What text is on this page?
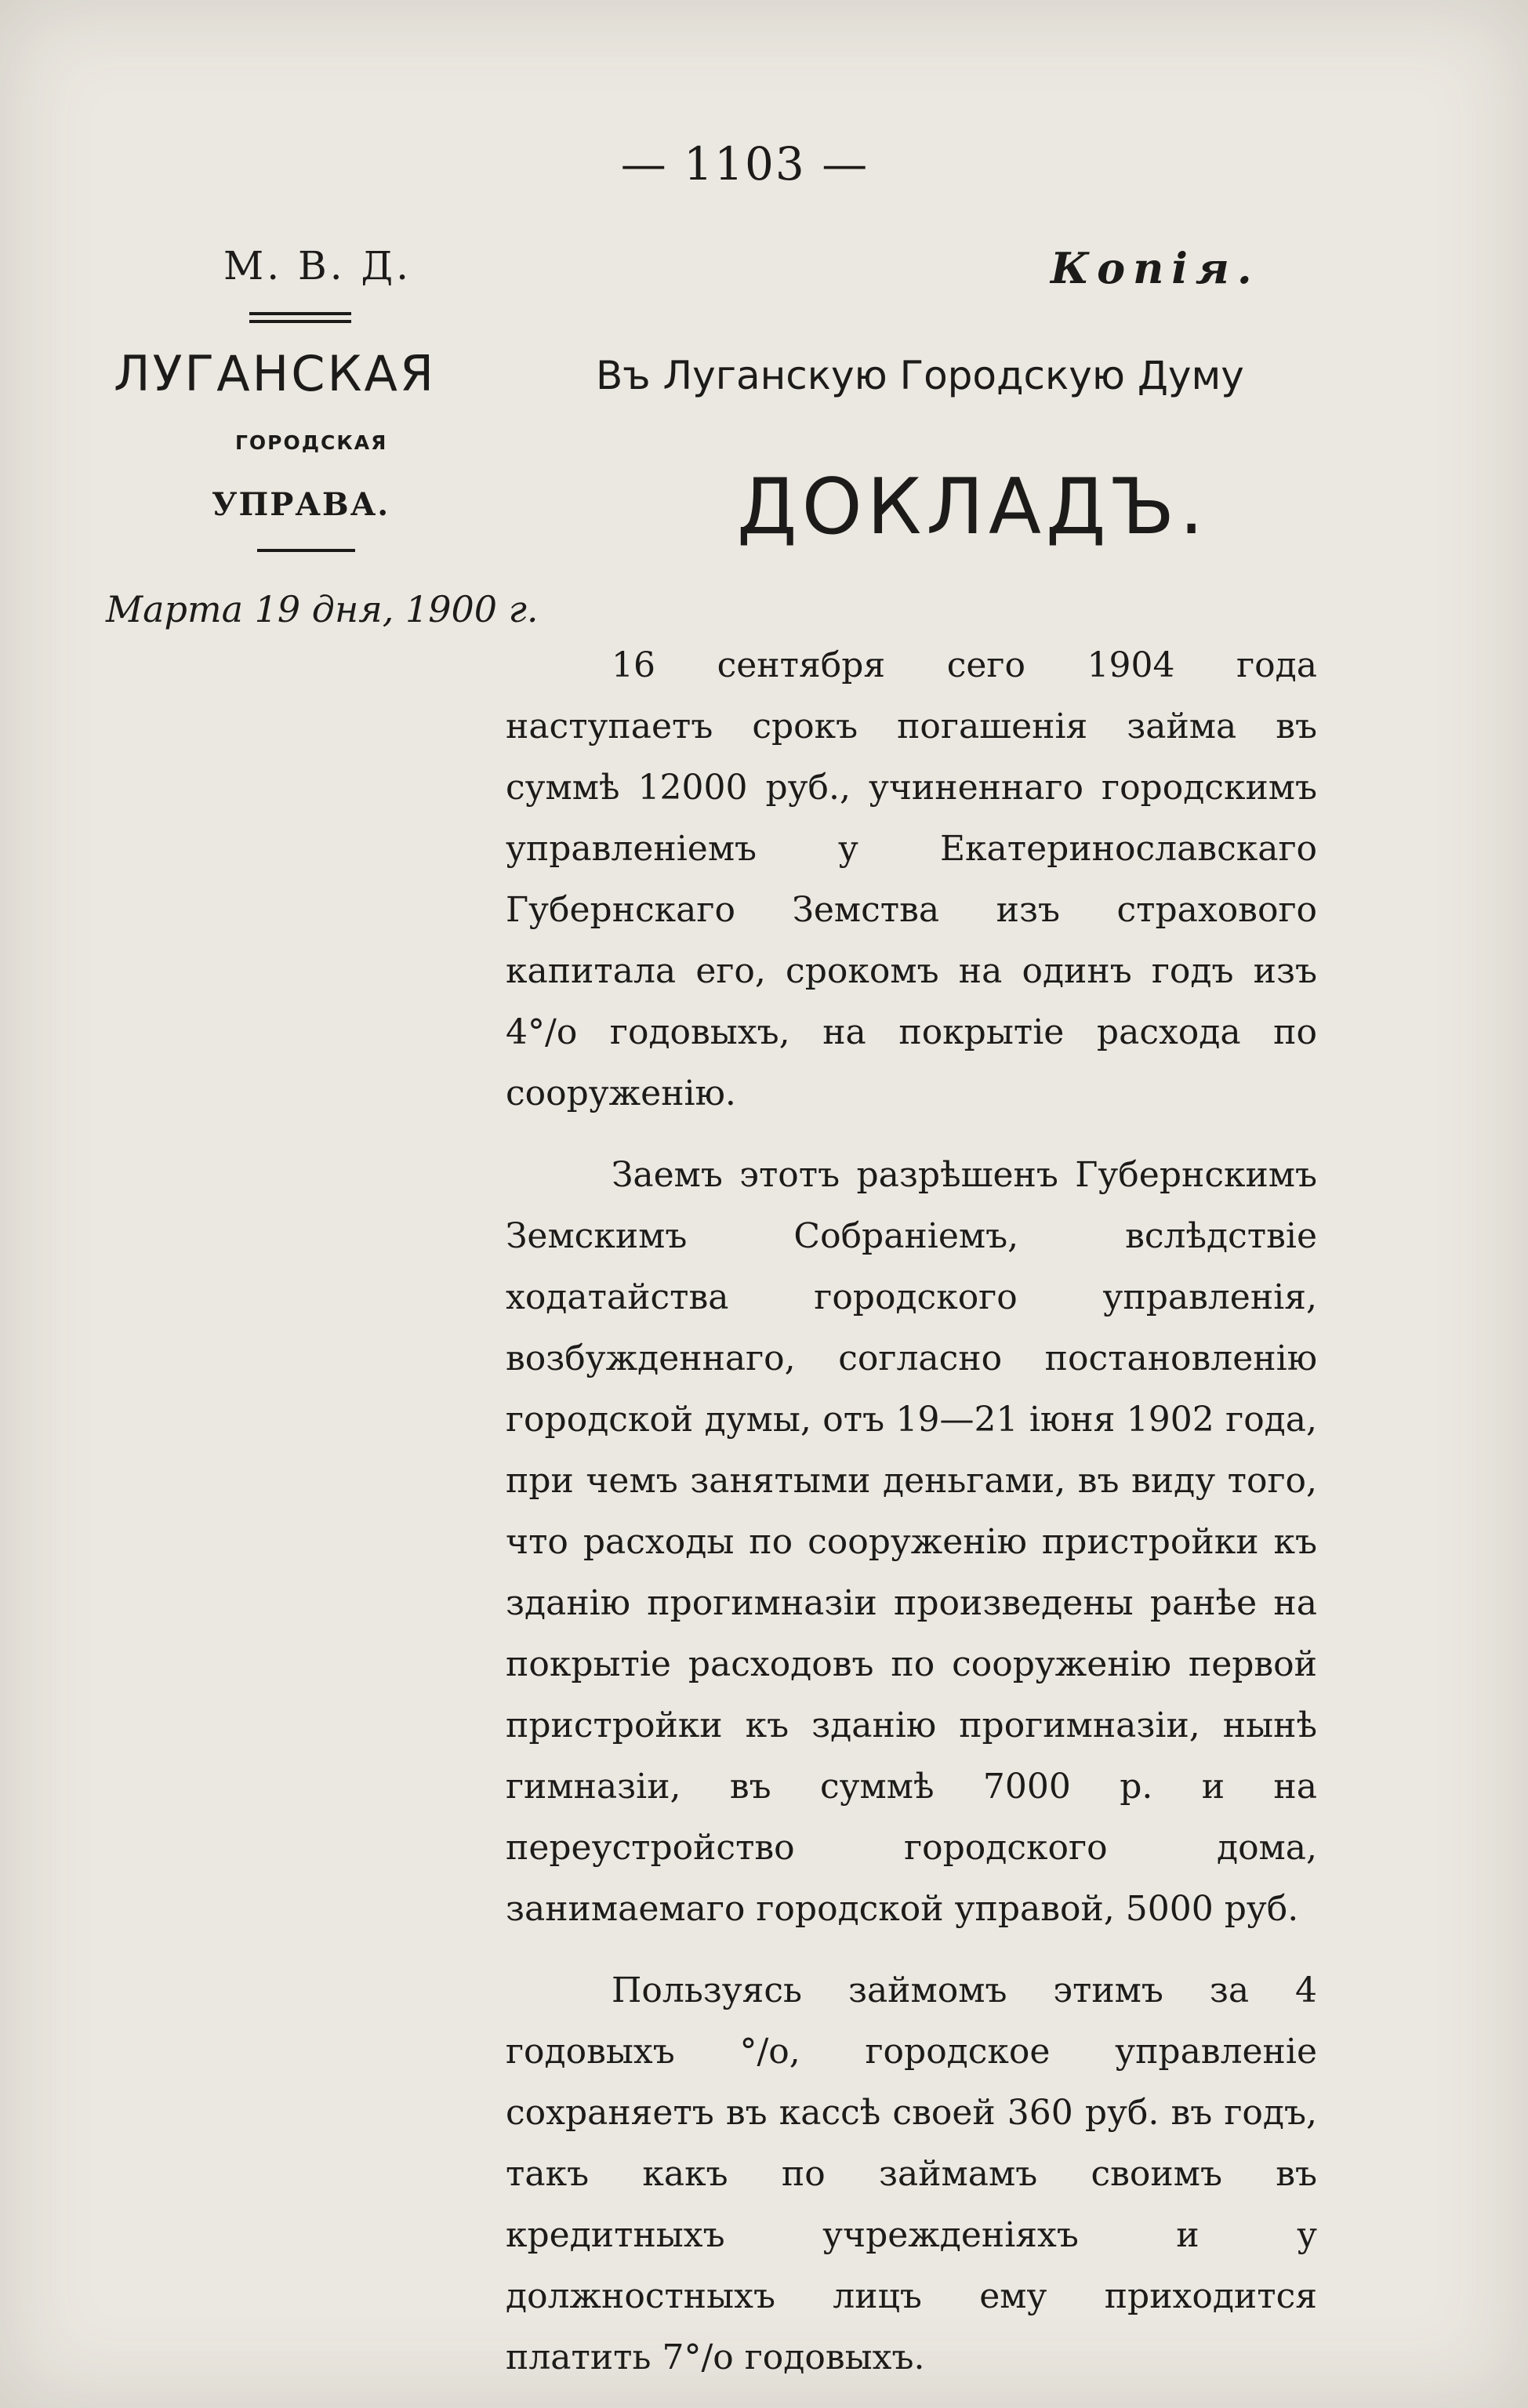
— 1103 —
М. В. Д.
ЛУГАНСКАЯ
ГОРОДСКАЯ
УПРАВА.
Марта 19 дня, 1900 г.
Копія.
Въ Луганскую Городскую Думу
ДОКЛАДЪ.

16 сентября сего 1904 года наступаетъ срокъ погашенія займа въ суммѣ 12000 руб., учиненнаго городскимъ управленіемъ у Екатеринославскаго Губернскаго Земства изъ страхового капитала его, срокомъ на одинъ годъ изъ 4°/о годовыхъ, на покрытіе расхода по сооруженію.

Заемъ этотъ разрѣшенъ Губернскимъ Земскимъ Собраніемъ, вслѣдствіе ходатайства городского управленія, возбужденнаго, согласно постановленію городской думы, отъ 19—21 іюня 1902 года, при чемъ занятыми деньгами, въ виду того, что расходы по сооруженію пристройки къ зданію прогимназіи произведены ранѣе на покрытіе расходовъ по сооруженію первой пристройки къ зданію прогимназіи, нынѣ гимназіи, въ суммѣ 7000 р. и на переустройство городского дома, занимаемаго городской управой, 5000 руб.

Пользуясь займомъ этимъ за 4 годовыхъ °/о, городское управленіе сохраняетъ въ кассѣ своей 360 руб. въ годъ, такъ какъ по займамъ своимъ въ кредитныхъ учрежденіяхъ и у должностныхъ лицъ ему приходится платить 7°/о годовыхъ.
